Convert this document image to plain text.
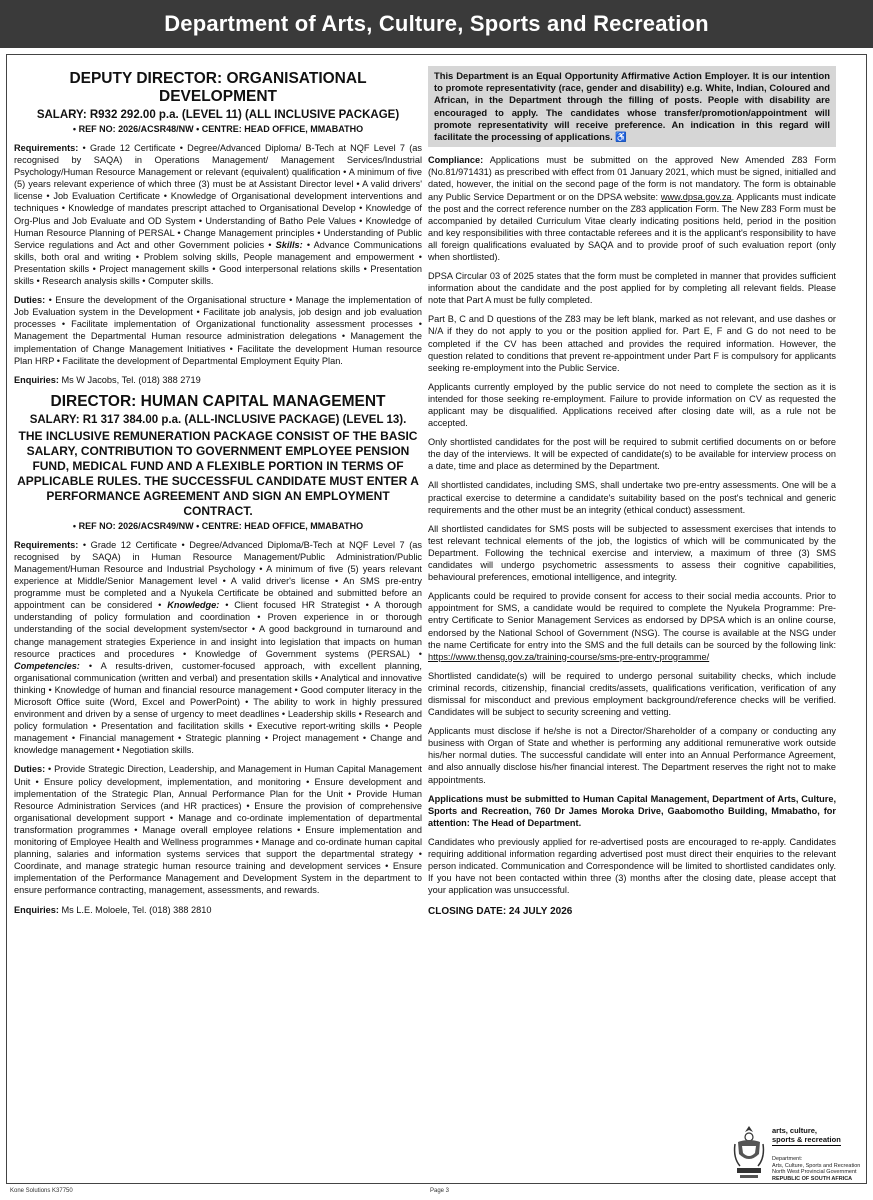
Department of Arts, Culture, Sports and Recreation
DEPUTY DIRECTOR: ORGANISATIONAL DEVELOPMENT
SALARY: R932 292.00 p.a. (LEVEL 11) (ALL INCLUSIVE PACKAGE)
• REF NO: 2026/ACSR48/NW • CENTRE: HEAD OFFICE, MMABATHO

Requirements: • Grade 12 Certificate • Degree/Advanced Diploma/ B-Tech at NQF Level 7 (as recognised by SAQA) in Operations Management/ Management Services/Industrial Psychology/Human Resource Management or relevant (equivalent) qualification • A minimum of five (5) years relevant experience of which three (3) must be at Assistant Director level • A valid drivers' license • Job Evaluation Certificate • Knowledge of Organisational development interventions and techniques • Knowledge of mandates prescript attached to Organisational Develop • Knowledge of Org-Plus and Job Evaluate and OD System • Understanding of Batho Pele Values • Knowledge of Human Resource Planning of PERSAL • Change Management principles • Understanding of Public Service regulations and Act and other Government policies • Skills: • Advance Communications skills, both oral and writing • Problem solving skills, People management and empowerment • Presentation skills • Project management skills • Good interpersonal relations skills • Presentation skills • Research analysis skills • Computer skills.

Duties: • Ensure the development of the Organisational structure • Manage the implementation of Job Evaluation system in the Development • Facilitate job analysis, job design and job evaluation processes • Facilitate implementation of Organizational functionality assessment processes • Management the Departmental Human resource administration delegations • Management the implementation of Change Management Initiatives • Facilitate the development Human resource Plan HRP • Facilitate the development of Departmental Employment Equity Plan.

Enquiries: Ms W Jacobs, Tel. (018) 388 2719

DIRECTOR: HUMAN CAPITAL MANAGEMENT
SALARY: R1 317 384.00 p.a. (ALL-INCLUSIVE PACKAGE) (LEVEL 13).
THE INCLUSIVE REMUNERATION PACKAGE CONSIST OF THE BASIC SALARY, CONTRIBUTION TO GOVERNMENT EMPLOYEE PENSION FUND, MEDICAL FUND AND A FLEXIBLE PORTION IN TERMS OF APPLICABLE RULES. THE SUCCESSFUL CANDIDATE MUST ENTER A PERFORMANCE AGREEMENT AND SIGN AN EMPLOYMENT CONTRACT.
• REF NO: 2026/ACSR49/NW • CENTRE: HEAD OFFICE, MMABATHO

Requirements: • Grade 12 Certificate • Degree/Advanced Diploma/B-Tech at NQF Level 7 (as recognised by SAQA) in Human Resource Management/Public Administration/Public Management/Human Resource and Industrial Psychology • A minimum of five (5) years relevant experience at Middle/Senior Management level • A valid driver's license • An SMS pre-entry programme must be completed and a Nyukela Certificate be obtained and submitted before an appointment can be considered • Knowledge: • Client focused HR Strategist • A thorough understanding of policy formulation and coordination • Proven experience in or thorough understanding of the social development system/sector • A good background in turnaround and change management strategies Experience in and insight into legislation that impacts on human resource practices and procedures • Knowledge of Government systems (PERSAL) • Competencies: • A results-driven, customer-focused approach, with excellent planning, organisational communication (written and verbal) and presentation skills • Analytical and innovative thinking • Knowledge of human and financial resource management • Good computer literacy in the Microsoft Office suite (Word, Excel and PowerPoint) • The ability to work in highly pressured environment and driven by a sense of urgency to meet deadlines • Leadership skills • Research and policy formulation • Presentation and facilitation skills • Executive report-writing skills • People management • Financial management • Strategic planning • Project management • Change and knowledge management • Negotiation skills.

Duties: • Provide Strategic Direction, Leadership, and Management in Human Capital Management Unit • Ensure policy development, implementation, and monitoring • Ensure development and implementation of the Strategic Plan, Annual Performance Plan for the Unit • Provide Human Resource Administration Services (and HR practices) • Ensure the provision of comprehensive organisational development support • Manage and co-ordinate implementation of departmental transformation programmes • Manage overall employee relations • Ensure implementation and monitoring of Employee Health and Wellness programmes • Manage and co-ordinate human capital planning, salaries and information systems services that support the departmental strategy • Coordinate, and manage strategic human resource training and development services • Ensure implementation of the Performance Management and Development System in the department to ensure performance contracting, management, assessments, and rewards.

Enquiries: Ms L.E. Moloele, Tel. (018) 388 2810

This Department is an Equal Opportunity Affirmative Action Employer. It is our intention to promote representativity (race, gender and disability) e.g. White, Indian, Coloured and African, in the Department through the filling of posts. People with disability are encouraged to apply. The candidates whose transfer/promotion/appointment will promote representativity will receive preference. An indication in this regard will facilitate the processing of applications. ♿

Compliance: Applications must be submitted on the approved New Amended Z83 Form (No.81/971431) as prescribed with effect from 01 January 2021, which must be signed, initialled and dated, however, the initial on the second page of the form is not mandatory. The form is obtainable any Public Service Department or on the DPSA website: www.dpsa.gov.za. Applicants must indicate the post and the correct reference number on the Z83 application Form. The New Z83 Form must be accompanied by detailed Curriculum Vitae clearly indicating positions held, period in the position and key responsibilities with three contactable referees and it is the applicant's responsibility to have all foreign qualifications evaluated by SAQA and to provide proof of such evaluation report (only when shortlisted).

DPSA Circular 03 of 2025 states that the form must be completed in manner that provides sufficient information about the candidate and the post applied for by completing all relevant fields. Please note that Part A must be fully completed.

Part B, C and D questions of the Z83 may be left blank, marked as not relevant, and use dashes or N/A if they do not apply to you or the position applied for. Part E, F and G do not need to be completed if the CV has been attached and provides the required information. However, the question related to conditions that prevent re-appointment under Part F is compulsory for applicants seeking re-employment into the Public Service.

Applicants currently employed by the public service do not need to complete the section as it is intended for those seeking re-employment. Failure to provide information on CV as requested the applicant may be disqualified. Applications received after closing date will, as a rule not be accepted.

Only shortlisted candidates for the post will be required to submit certified documents on or before the day of the interviews. It will be expected of candidate(s) to be available for interview process on a date, time and place as determined by the Department.

All shortlisted candidates, including SMS, shall undertake two pre-entry assessments. One will be a practical exercise to determine a candidate's suitability based on the post's technical and generic requirements and the other must be an integrity (ethical conduct) assessment.

All shortlisted candidates for SMS posts will be subjected to assessment exercises that intends to test relevant technical elements of the job, the logistics of which will be communicated by the Department. Following the technical exercise and interview, a maximum of three (3) SMS candidates will undergo psychometric assessments to assess their cognitive capabilities, behavioural preferences, emotional intelligence, and integrity.

Applicants could be required to provide consent for access to their social media accounts. Prior to appointment for SMS, a candidate would be required to complete the Nyukela Programme: Pre-entry Certificate to Senior Management Services as endorsed by DPSA which is an online course, endorsed by the National School of Government (NSG). The course is available at the NSG under the name Certificate for entry into the SMS and the full details can be sourced by the following link: https://www.thensg.gov.za/training-course/sms-pre-entry-programme/

Shortlisted candidate(s) will be required to undergo personal suitability checks, which include criminal records, citizenship, financial credits/assets, qualifications verification, verification of any dismissal for misconduct and previous employment background/reference checks will be verified. Candidates will be subject to security screening and vetting.

Applicants must disclose if he/she is not a Director/Shareholder of a company or conducting any business with Organ of State and whether is performing any additional remunerative work outside his/her normal duties. The successful candidate will enter into an Annual Performance Agreement, and also annually disclose his/her financial interest. The Department reserves the right not to make appointments.

Applications must be submitted to Human Capital Management, Department of Arts, Culture, Sports and Recreation, 760 Dr James Moroka Drive, Gaabomotho Building, Mmabatho, for attention: The Head of Department.

Candidates who previously applied for re-advertised posts are encouraged to re-apply. Candidates requiring additional information regarding advertised post must direct their enquiries to the relevant person indicated. Communication and Correspondence will be limited to shortlisted candidates only. If you have not been contacted within three (3) months after the closing date, please accept that your application was unsuccessful.

CLOSING DATE: 24 JULY 2026
arts, culture,
sports & recreation
Department:
Arts, Culture, Sports and Recreation
North West Provincial Government
REPUBLIC OF SOUTH AFRICA
Kone Solutions K37750	Page 3
